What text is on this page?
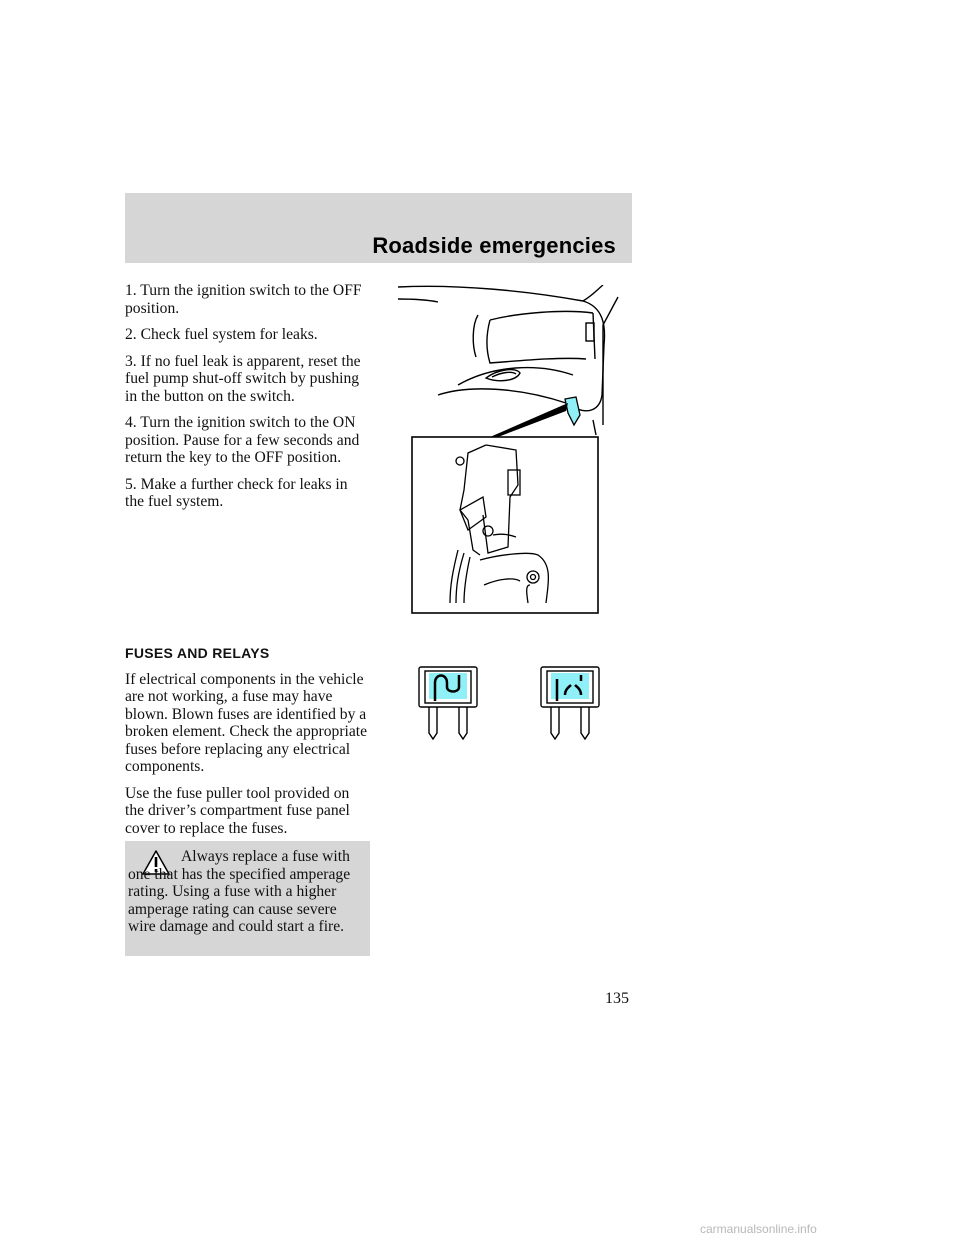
Roadside emergencies

1. Turn the ignition switch to the OFF position.

2. Check fuel system for leaks.

3. If no fuel leak is apparent, reset the fuel pump shut-off switch by pushing in the button on the switch.

4. Turn the ignition switch to the ON position. Pause for a few seconds and return the key to the OFF position.

5. Make a further check for leaks in the fuel system.

FUSES AND RELAYS

If electrical components in the vehicle are not working, a fuse may have blown. Blown fuses are identified by a broken element. Check the appropriate fuses before replacing any electrical components.

Use the fuse puller tool provided on the driver’s compartment fuse panel cover to replace the fuses.

Always replace a fuse with one that has the specified amperage rating. Using a fuse with a higher amperage rating can cause severe wire damage and could start a fire.
135
carmanualsonline.info
